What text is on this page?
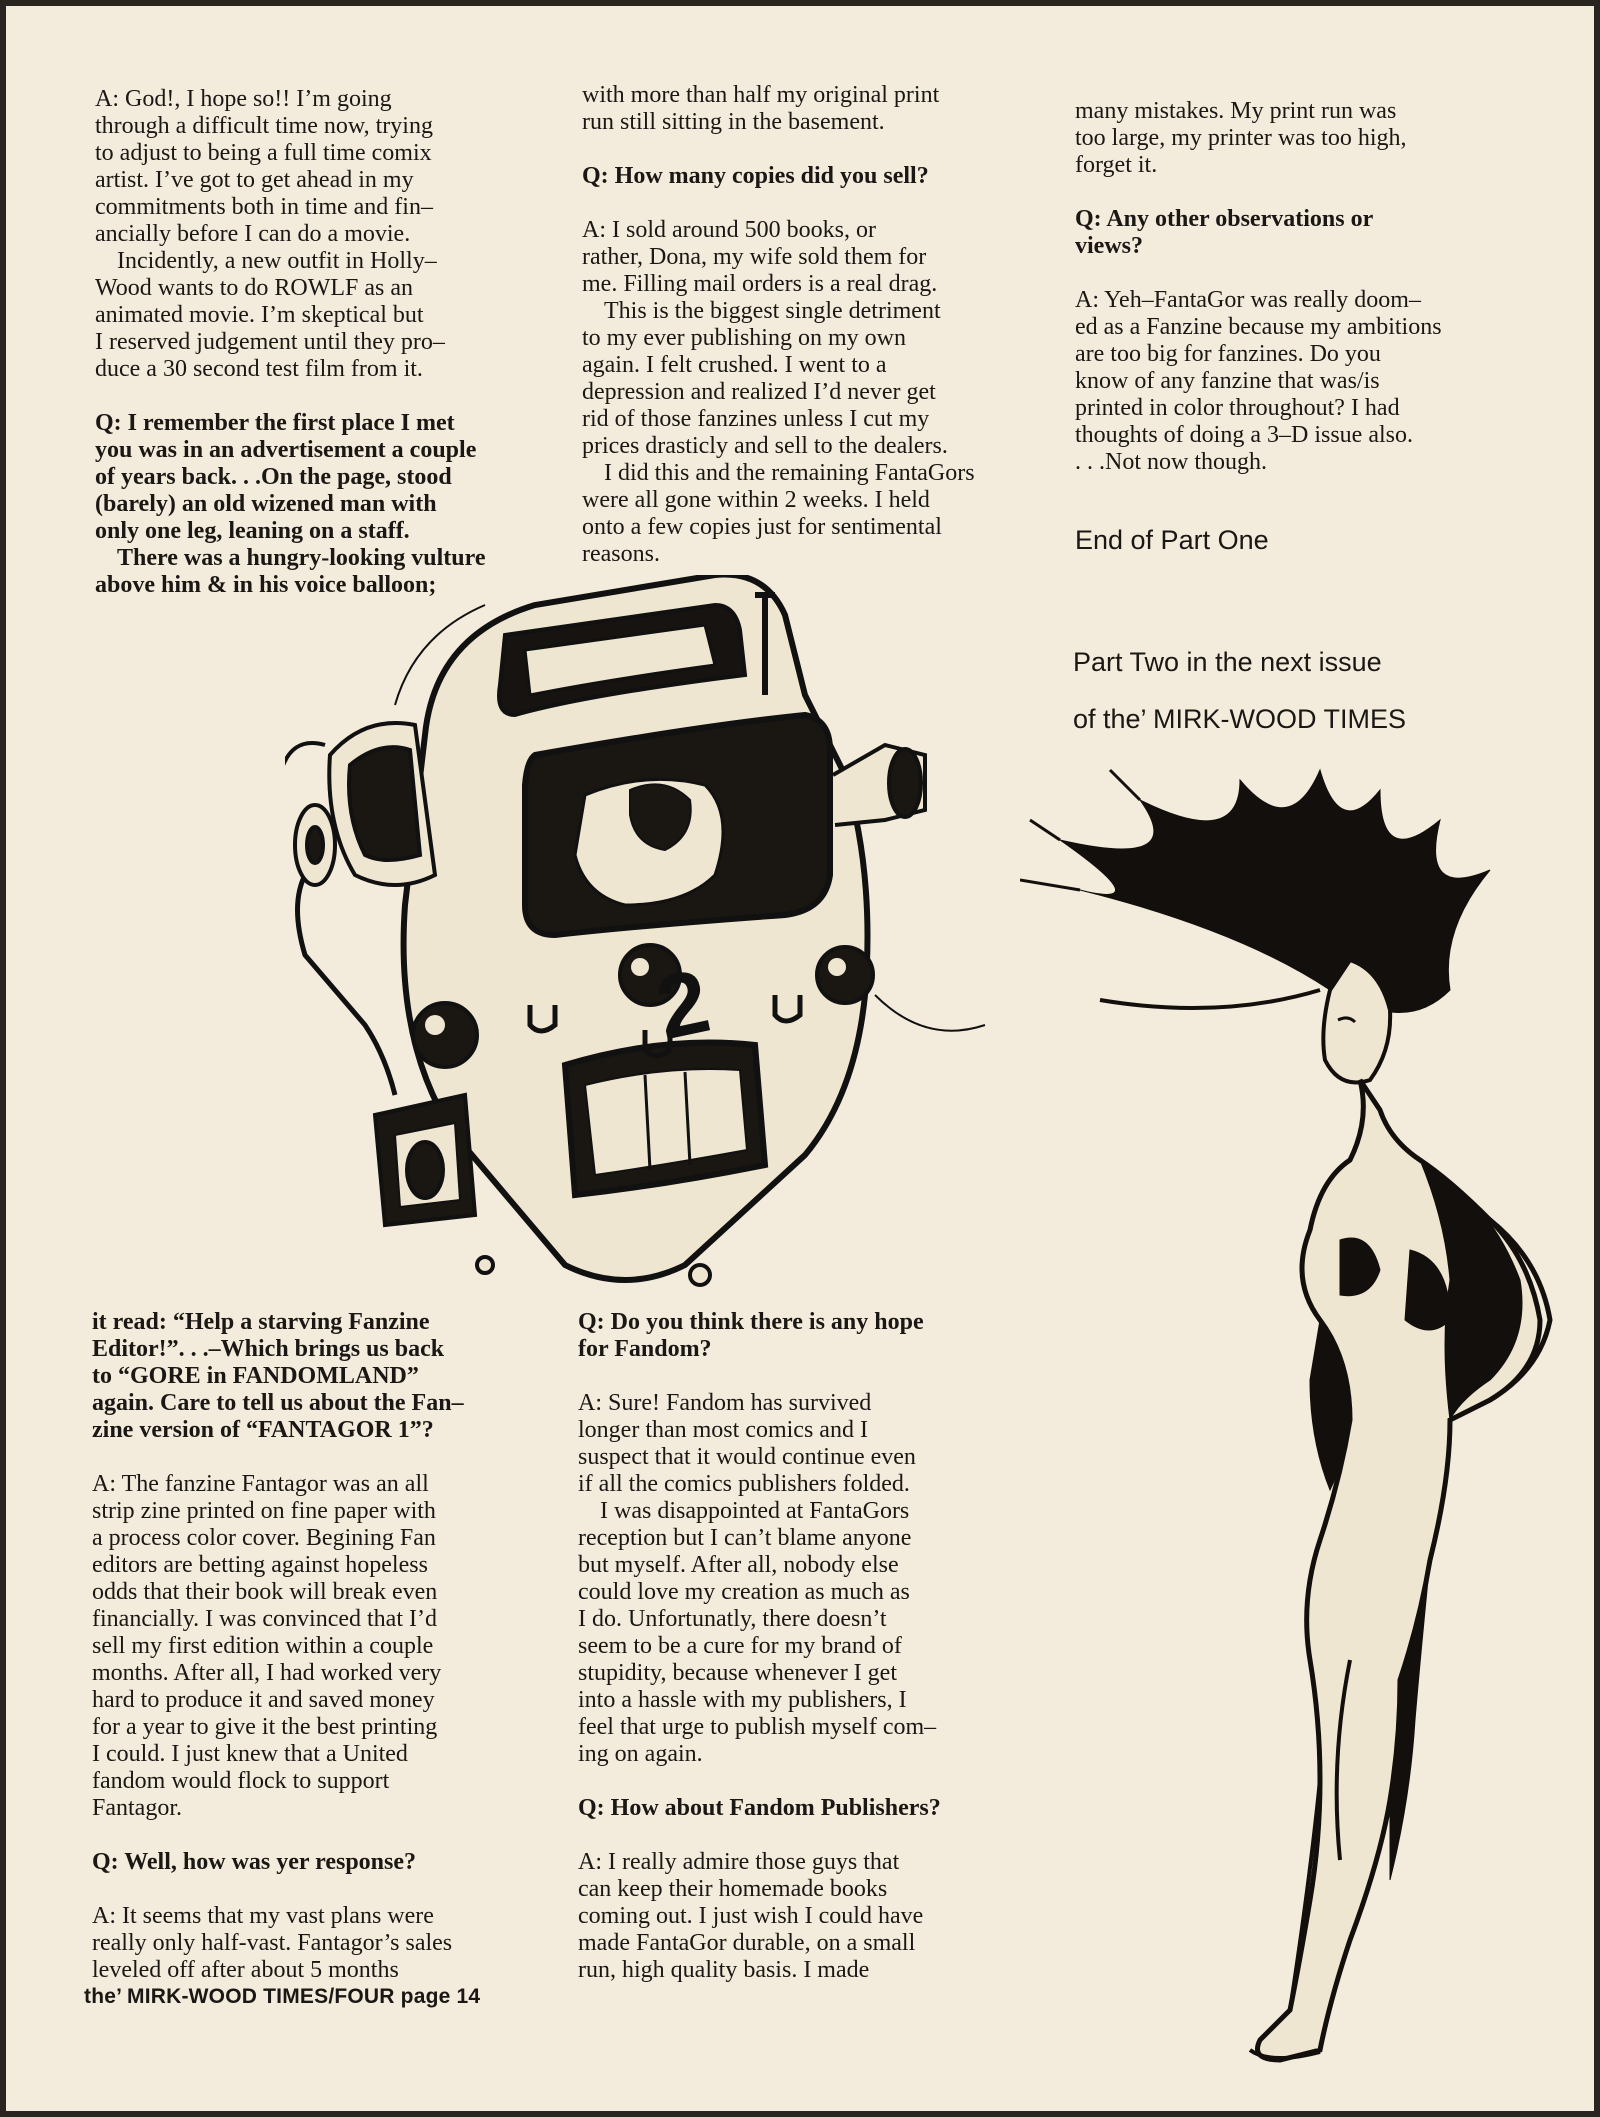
A: God!, I hope so!! I’m going

through a difficult time now, trying

to adjust to being a full time comix

artist. I’ve got to get ahead in my

commitments both in time and fin–

ancially before I can do a movie.

Incidently, a new outfit in Holly–

Wood wants to do ROWLF as an

animated movie. I’m skeptical but

I reserved judgement until they pro–

duce a 30 second test film from it.

Q: I remember the first place I met

you was in an advertisement a couple

of years back. . .On the page, stood

(barely) an old wizened man with

only one leg, leaning on a staff.

There was a hungry-looking vulture

above him & in his voice balloon;

with more than half my original print

run still sitting in the basement.

Q: How many copies did you sell?

A: I sold around 500 books, or

rather, Dona, my wife sold them for

me. Filling mail orders is a real drag.

This is the biggest single detriment

to my ever publishing on my own

again. I felt crushed. I went to a

depression and realized I’d never get

rid of those fanzines unless I cut my

prices drasticly and sell to the dealers.

I did this and the remaining FantaGors

were all gone within 2 weeks. I held

onto a few copies just for sentimental

reasons.

many mistakes. My print run was

too large, my printer was too high,

forget it.

Q: Any other observations or

views?

A: Yeh–FantaGor was really doom–

ed as a Fanzine because my ambitions

are too big for fanzines. Do you

know of any fanzine that was/is

printed in color throughout? I had

thoughts of doing a 3–D issue also.

. . .Not now though.

End of Part One
Part Two in the next issue
of the’ MIRK-WOOD TIMES

it read: “Help a starving Fanzine

Editor!”. . .–Which brings us back

to “GORE in FANDOMLAND”

again. Care to tell us about the Fan–

zine version of “FANTAGOR 1”?

A: The fanzine Fantagor was an all

strip zine printed on fine paper with

a process color cover. Begining Fan

editors are betting against hopeless

odds that their book will break even

financially. I was convinced that I’d

sell my first edition within a couple

months. After all, I had worked very

hard to produce it and saved money

for a year to give it the best printing

I could. I just knew that a United

fandom would flock to support

Fantagor.

Q: Well, how was yer response?

A: It seems that my vast plans were

really only half-vast. Fantagor’s sales

leveled off after about 5 months

Q: Do you think there is any hope

for Fandom?

A: Sure! Fandom has survived

longer than most comics and I

suspect that it would continue even

if all the comics publishers folded.

I was disappointed at FantaGors

reception but I can’t blame anyone

but myself. After all, nobody else

could love my creation as much as

I do. Unfortunatly, there doesn’t

seem to be a cure for my brand of

stupidity, because whenever I get

into a hassle with my publishers, I

feel that urge to publish myself com–

ing on again.

Q: How about Fandom Publishers?

A: I really admire those guys that

can keep their homemade books

coming out. I just wish I could have

made FantaGor durable, on a small

run, high quality basis. I made

2
the’ MIRK-WOOD TIMES/FOUR page 14
